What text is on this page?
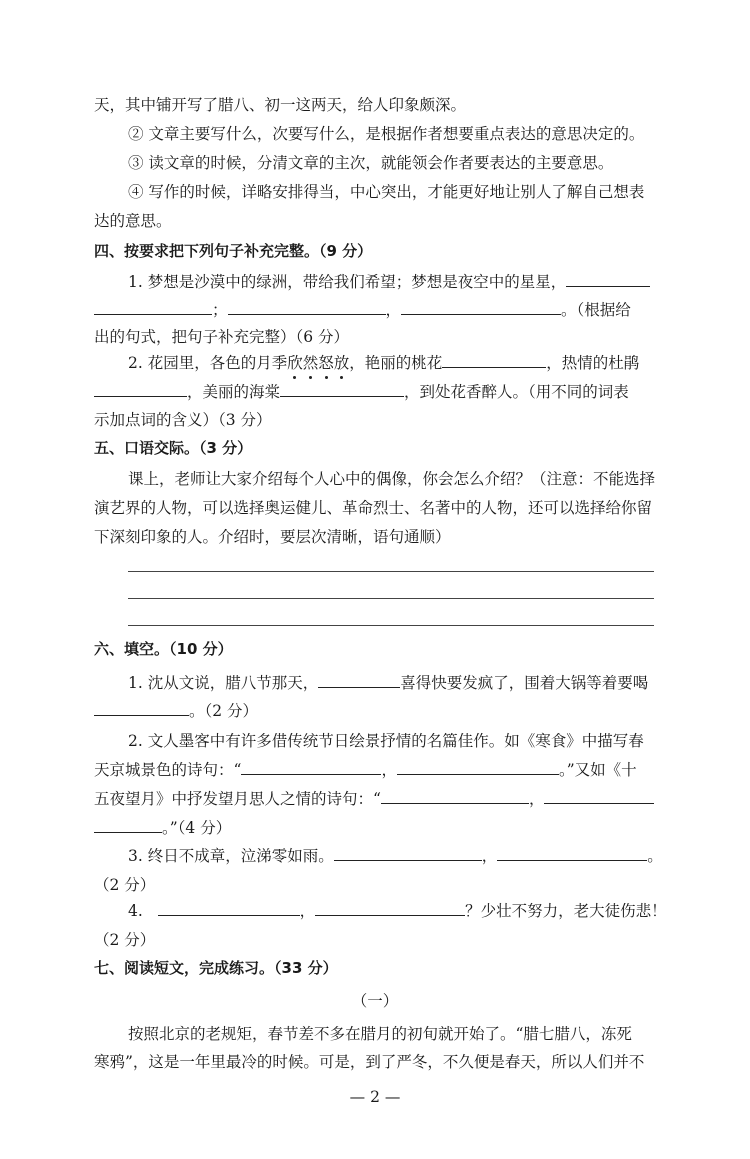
天，其中铺开写了腊八、初一这两天，给人印象颇深。
② 文章主要写什么，次要写什么，是根据作者想要重点表达的意思决定的。
③ 读文章的时候，分清文章的主次，就能领会作者要表达的主要意思。
④ 写作的时候，详略安排得当，中心突出，才能更好地让别人了解自己想表
达的意思。
四、按要求把下列句子补充完整。（9 分）
1. 梦想是沙漠中的绿洲，带给我们希望；梦想是夜空中的星星，
；	，	。（根据给
出的句式，把句子补充完整）（6 分）
2. 花园里，各色的月季欣然怒放，艳丽的桃花	，热情的杜鹃
，美丽的海棠	，到处花香醉人。（用不同的词表
示加点词的含义）（3 分）
五、口语交际。（3 分）
课上，老师让大家介绍每个人心中的偶像，你会怎么介绍？（注意：不能选择
演艺界的人物，可以选择奥运健儿、革命烈士、名著中的人物，还可以选择给你留
下深刻印象的人。介绍时，要层次清晰，语句通顺）
六、填空。（10 分）
1. 沈从文说，腊八节那天，	喜得快要发疯了，围着大锅等着要喝
。（2 分）
2. 文人墨客中有许多借传统节日绘景抒情的名篇佳作。如《寒食》中描写春
天京城景色的诗句：“	，	。”又如《十
五夜望月》中抒发望月思人之情的诗句：“	，
。”（4 分）
3. 终日不成章，泣涕零如雨。	，	。
（2 分）
4.	，	？少壮不努力，老大徒伤悲！
（2 分）
七、阅读短文，完成练习。（33 分）
（一）
按照北京的老规矩，春节差不多在腊月的初旬就开始了。“腊七腊八，冻死
寒鸦”，这是一年里最冷的时候。可是，到了严冬，不久便是春天，所以人们并不
— 2 —
